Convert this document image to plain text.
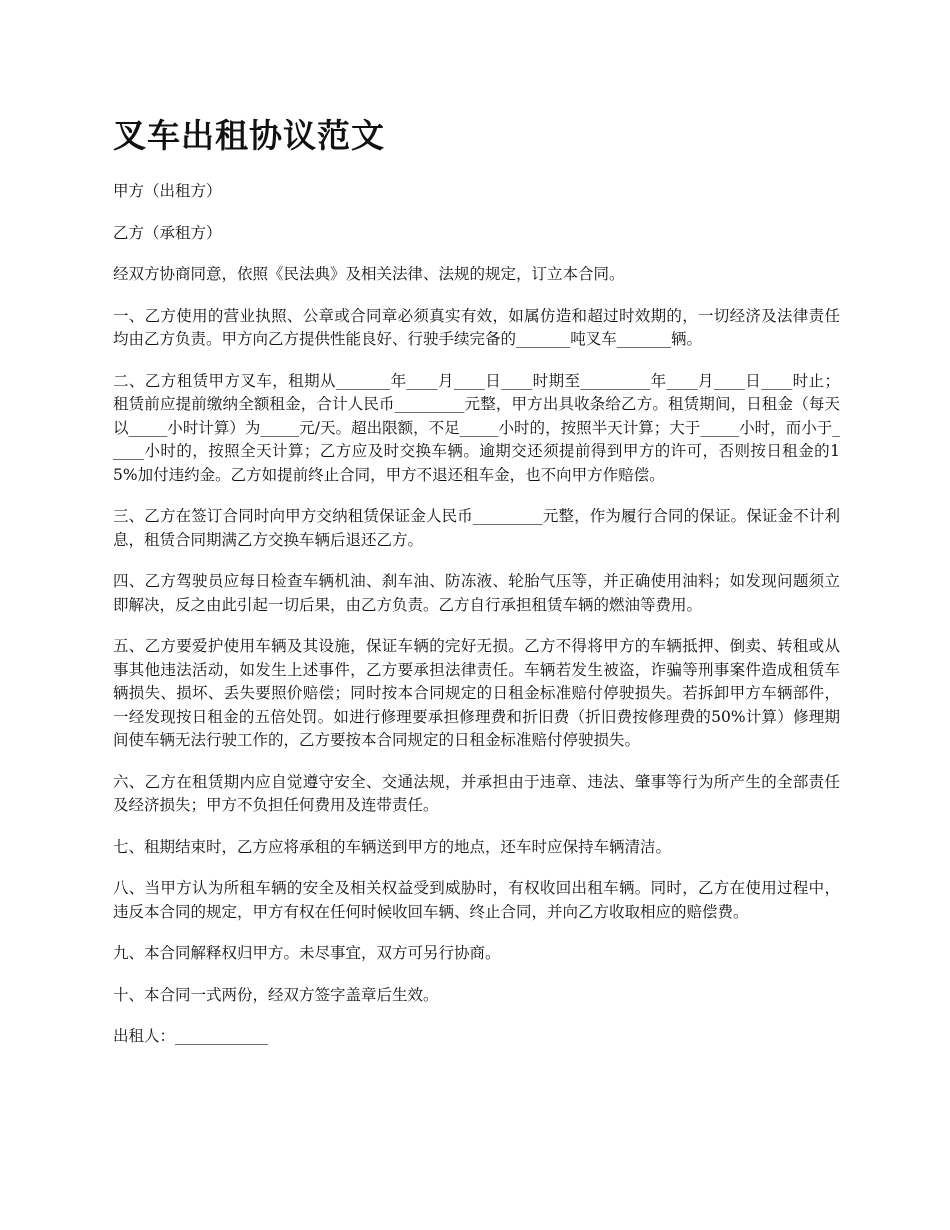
叉车出租协议范文

甲方（出租方）

乙方（承租方）

经双方协商同意，依照《民法典》及相关法律、法规的规定，订立本合同。

一、乙方使用的营业执照、公章或合同章必须真实有效，如属仿造和超过时效期的，一切经济及法律责任均由乙方负责。甲方向乙方提供性能良好、行驶手续完备的_______吨叉车_______辆。

二、乙方租赁甲方叉车，租期从_______年____月____日____时期至_________年____月____日____时止；租赁前应提前缴纳全额租金，合计人民币_________元整，甲方出具收条给乙方。租赁期间，日租金（每天以_____小时计算）为_____元/天。超出限额，不足_____小时的，按照半天计算；大于_____小时，而小于_____小时的，按照全天计算；乙方应及时交换车辆。逾期交还须提前得到甲方的许可，否则按日租金的15%加付违约金。乙方如提前终止合同，甲方不退还租车金，也不向甲方作赔偿。

三、乙方在签订合同时向甲方交纳租赁保证金人民币_________元整，作为履行合同的保证。保证金不计利息，租赁合同期满乙方交换车辆后退还乙方。

四、乙方驾驶员应每日检查车辆机油、刹车油、防冻液、轮胎气压等，并正确使用油料；如发现问题须立即解决，反之由此引起一切后果，由乙方负责。乙方自行承担租赁车辆的燃油等费用。

五、乙方要爱护使用车辆及其设施，保证车辆的完好无损。乙方不得将甲方的车辆抵押、倒卖、转租或从事其他违法活动，如发生上述事件，乙方要承担法律责任。车辆若发生被盗，诈骗等刑事案件造成租赁车辆损失、损坏、丢失要照价赔偿；同时按本合同规定的日租金标准赔付停驶损失。若拆卸甲方车辆部件，一经发现按日租金的五倍处罚。如进行修理要承担修理费和折旧费（折旧费按修理费的50%计算）修理期间使车辆无法行驶工作的，乙方要按本合同规定的日租金标准赔付停驶损失。

六、乙方在租赁期内应自觉遵守安全、交通法规，并承担由于违章、违法、肇事等行为所产生的全部责任及经济损失；甲方不负担任何费用及连带责任。

七、租期结束时，乙方应将承租的车辆送到甲方的地点，还车时应保持车辆清洁。

八、当甲方认为所租车辆的安全及相关权益受到威胁时，有权收回出租车辆。同时，乙方在使用过程中，违反本合同的规定，甲方有权在任何时候收回车辆、终止合同，并向乙方收取相应的赔偿费。

九、本合同解释权归甲方。未尽事宜，双方可另行协商。

十、本合同一式两份，经双方签字盖章后生效。

出租人：____________
